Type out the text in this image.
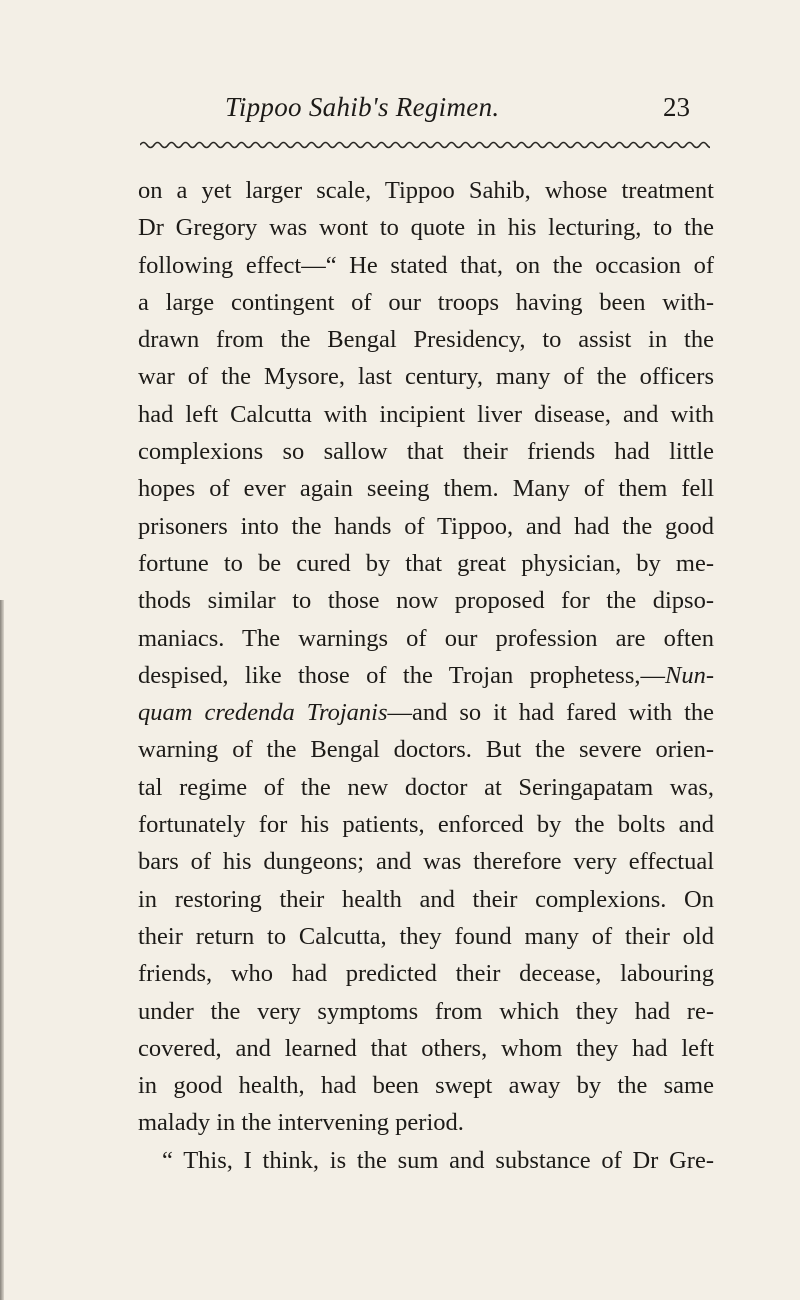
Tippoo Sahib's Regimen.	23
on a yet larger scale, Tippoo Sahib, whose treatment
Dr Gregory was wont to quote in his lecturing, to the
following effect—“ He stated that, on the occasion of
a large contingent of our troops having been with-
drawn from the Bengal Presidency, to assist in the
war of the Mysore, last century, many of the officers
had left Calcutta with incipient liver disease, and with
complexions so sallow that their friends had little
hopes of ever again seeing them. Many of them fell
prisoners into the hands of Tippoo, and had the good
fortune to be cured by that great physician, by me-
thods similar to those now proposed for the dipso-
maniacs. The warnings of our profession are often
despised, like those of the Trojan prophetess,—Nun-
quam credenda Trojanis—and so it had fared with the
warning of the Bengal doctors. But the severe orien-
tal regime of the new doctor at Seringapatam was,
fortunately for his patients, enforced by the bolts and
bars of his dungeons; and was therefore very effectual
in restoring their health and their complexions. On
their return to Calcutta, they found many of their old
friends, who had predicted their decease, labouring
under the very symptoms from which they had re-
covered, and learned that others, whom they had left
in good health, had been swept away by the same
malady in the intervening period.
“ This, I think, is the sum and substance of Dr Gre-
